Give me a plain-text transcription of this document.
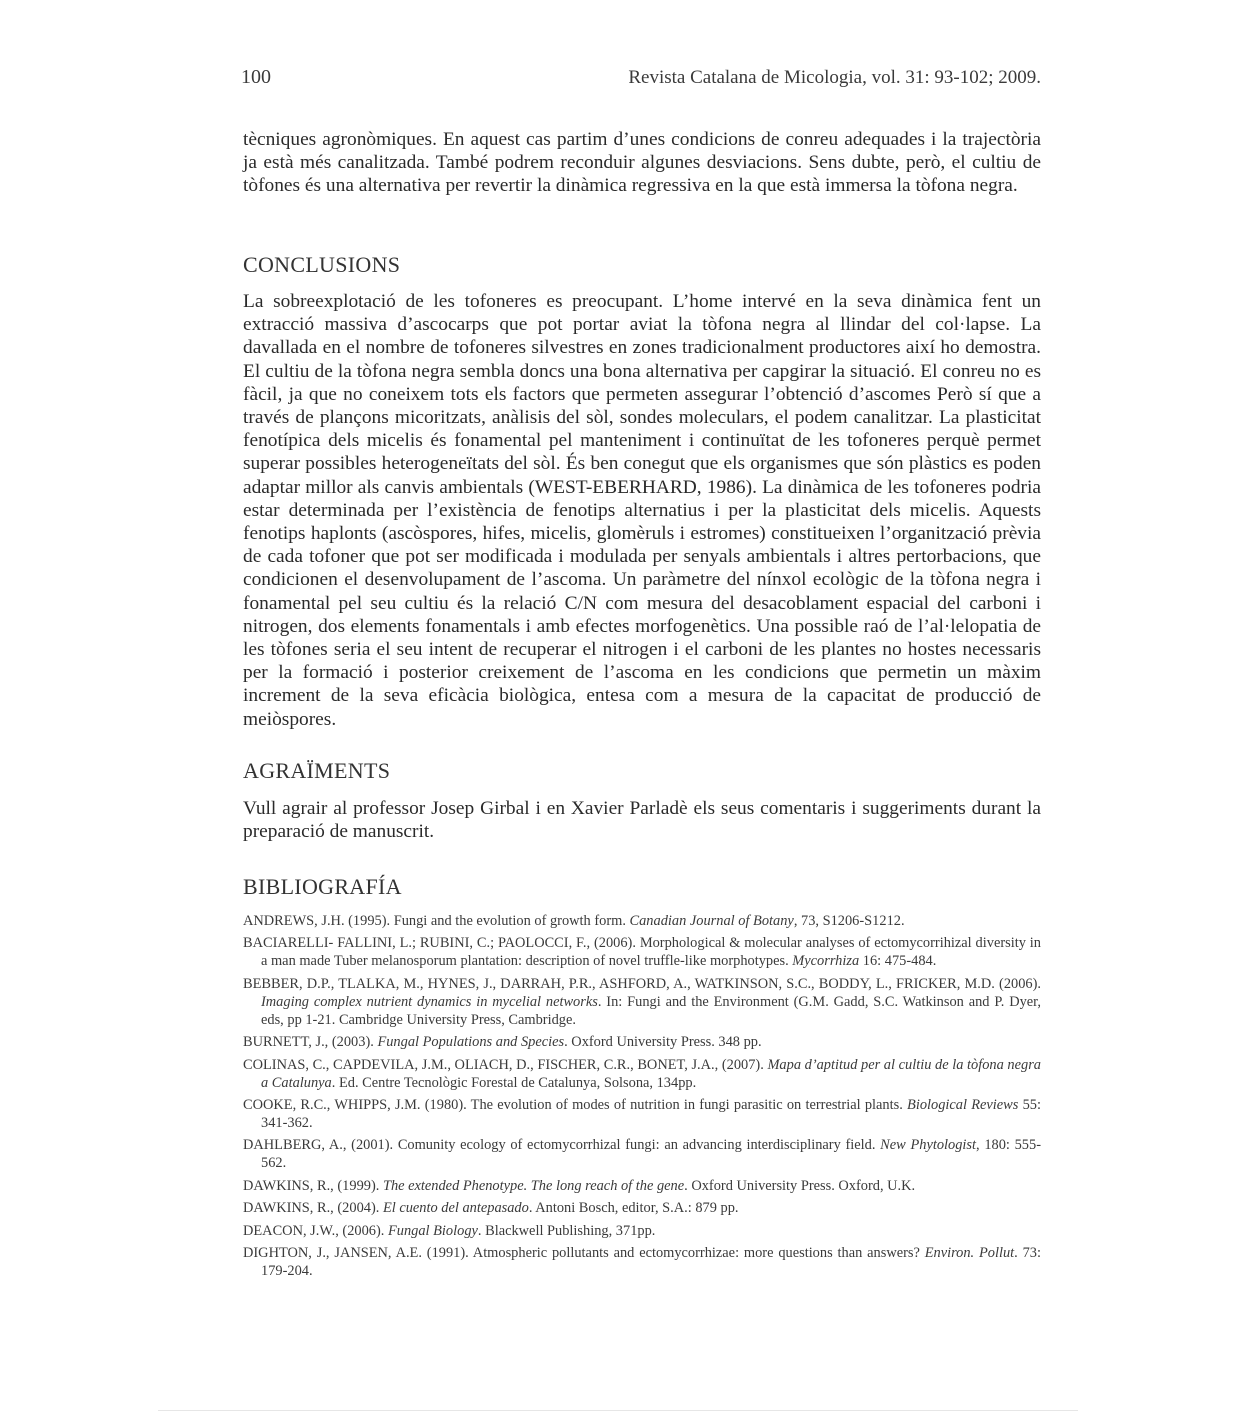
100	Revista Catalana de Micologia, vol. 31: 93-102; 2009.

tècniques agronòmiques. En aquest cas partim d’unes condicions de conreu adequades i la trajectòria ja està més canalitzada. També podrem reconduir algunes desviacions. Sens dubte, però, el cultiu de tòfones és una alternativa per revertir la dinàmica regressiva en la que està immersa la tòfona negra.

CONCLUSIONS

La sobreexplotació de les tofoneres es preocupant. L’home intervé en la seva dinàmica fent un extracció massiva d’ascocarps que pot portar aviat la tòfona negra al llindar del col·lapse. La davallada en el nombre de tofoneres silvestres en zones tradicionalment productores així ho demostra. El cultiu de la tòfona negra sembla doncs una bona alternativa per capgirar la situació. El conreu no es fàcil, ja que no coneixem tots els factors que permeten assegurar l’obtenció d’ascomes Però sí que a través de plançons micoritzats, anàlisis del sòl, sondes moleculars, el podem canalitzar. La plasticitat fenotípica dels micelis és fonamental pel manteniment i continuïtat de les tofoneres perquè permet superar possibles heterogeneïtats del sòl. És ben conegut que els organismes que són plàstics es poden adaptar millor als canvis ambientals (WEST-EBERHARD, 1986). La dinàmica de les tofoneres podria estar determinada per l’existència de fenotips alternatius i per la plasticitat dels micelis. Aquests fenotips haplonts (ascòspores, hifes, micelis, glomèruls i estromes) constitueixen l’organització prèvia de cada tofoner que pot ser modificada i modulada per senyals ambientals i altres pertorbacions, que condicionen el desenvolupament de l’ascoma. Un paràmetre del nínxol ecològic de la tòfona negra i fonamental pel seu cultiu és la relació C/N com mesura del desacoblament espacial del carboni i nitrogen, dos elements fonamentals i amb efectes morfogenètics. Una possible raó de l’al·lelopatia de les tòfones seria el seu intent de recuperar el nitrogen i el carboni de les plantes no hostes necessaris per la formació i posterior creixement de l’ascoma en les condicions que permetin un màxim increment de la seva eficàcia biològica, entesa com a mesura de la capacitat de producció de meiòspores.

AGRAÏMENTS

Vull agrair al professor Josep Girbal i en Xavier Parladè els seus comentaris i suggeriments durant la preparació de manuscrit.

BIBLIOGRAFÍA
ANDREWS, J.H. (1995). Fungi and the evolution of growth form. Canadian Journal of Botany, 73, S1206-S1212.
BACIARELLI- FALLINI, L.; RUBINI, C.; PAOLOCCI, F., (2006). Morphological & molecular analyses of ectomycorrihizal diversity in a man made Tuber melanosporum plantation: description of novel truffle-like morphotypes. Mycorrhiza 16: 475-484.
BEBBER, D.P., TLALKA, M., HYNES, J., DARRAH, P.R., ASHFORD, A., WATKINSON, S.C., BODDY, L., FRICKER, M.D. (2006). Imaging complex nutrient dynamics in mycelial networks. In: Fungi and the Environment (G.M. Gadd, S.C. Watkinson and P. Dyer, eds, pp 1-21. Cambridge University Press, Cambridge.
BURNETT, J., (2003). Fungal Populations and Species. Oxford University Press. 348 pp.
COLINAS, C., CAPDEVILA, J.M., OLIACH, D., FISCHER, C.R., BONET, J.A., (2007). Mapa d’aptitud per al cultiu de la tòfona negra a Catalunya. Ed. Centre Tecnològic Forestal de Catalunya, Solsona, 134pp.
COOKE, R.C., WHIPPS, J.M. (1980). The evolution of modes of nutrition in fungi parasitic on terrestrial plants. Biological Reviews 55: 341-362.
DAHLBERG, A., (2001). Comunity ecology of ectomycorrhizal fungi: an advancing interdisciplinary field. New Phytologist, 180: 555-562.
DAWKINS, R., (1999). The extended Phenotype. The long reach of the gene. Oxford University Press. Oxford, U.K.
DAWKINS, R., (2004). El cuento del antepasado. Antoni Bosch, editor, S.A.: 879 pp.
DEACON, J.W., (2006). Fungal Biology. Blackwell Publishing, 371pp.
DIGHTON, J., JANSEN, A.E. (1991). Atmospheric pollutants and ectomycorrhizae: more questions than answers? Environ. Pollut. 73: 179-204.
